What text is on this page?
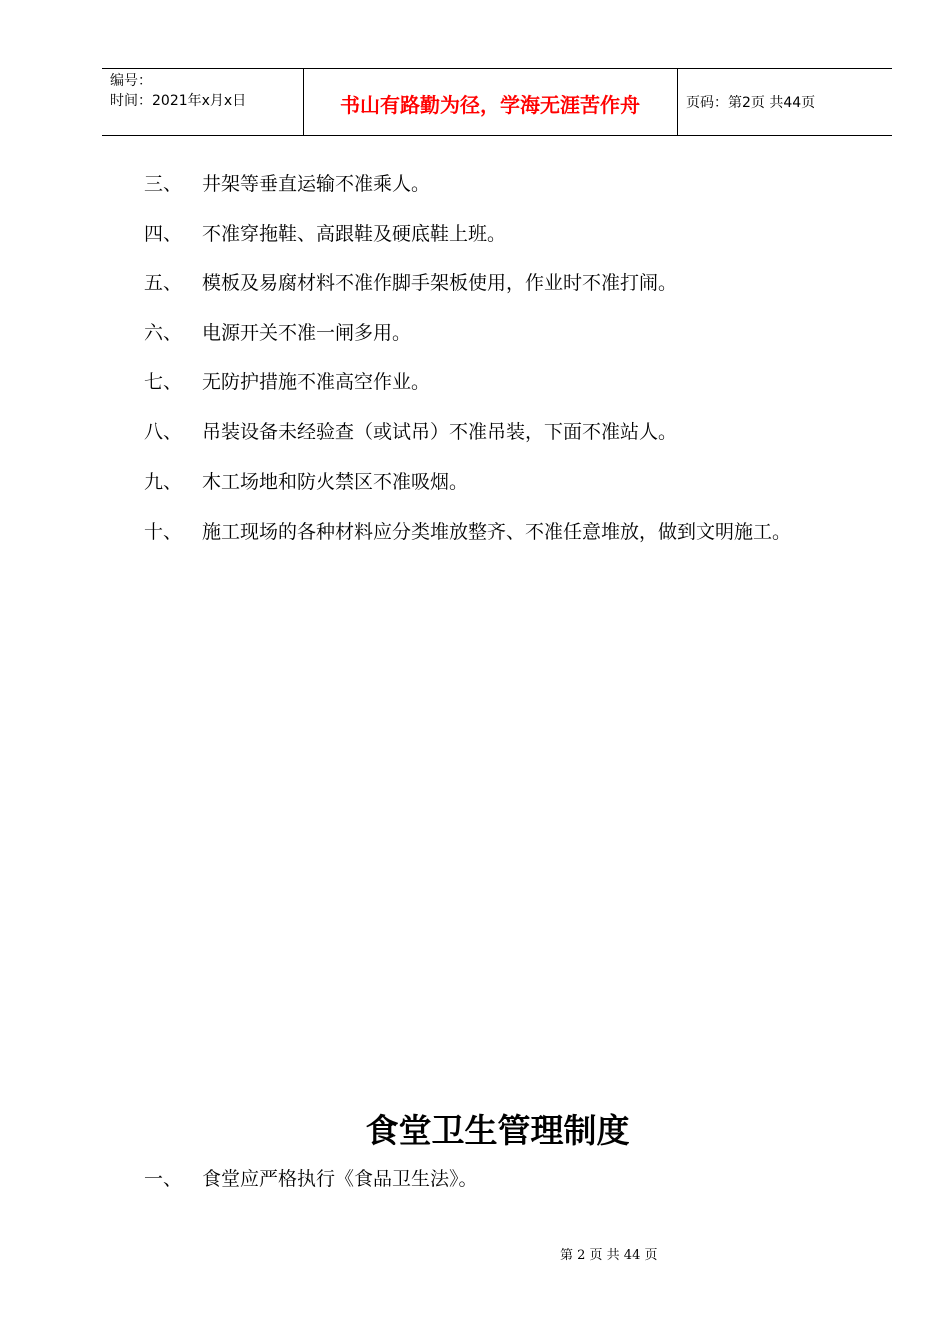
编号：
时间：2021年x月x日	书山有路勤为径，学海无涯苦作舟	页码：第2页 共44页
三、 井架等垂直运输不准乘人。
四、 不准穿拖鞋、高跟鞋及硬底鞋上班。
五、 模板及易腐材料不准作脚手架板使用，作业时不准打闹。
六、 电源开关不准一闸多用。
七、 无防护措施不准高空作业。
八、 吊装设备未经验查（或试吊）不准吊装，下面不准站人。
九、 木工场地和防火禁区不准吸烟。
十、 施工现场的各种材料应分类堆放整齐、不准任意堆放，做到文明施工。
食堂卫生管理制度
一、 食堂应严格执行《食品卫生法》。
第 2 页 共 44 页
